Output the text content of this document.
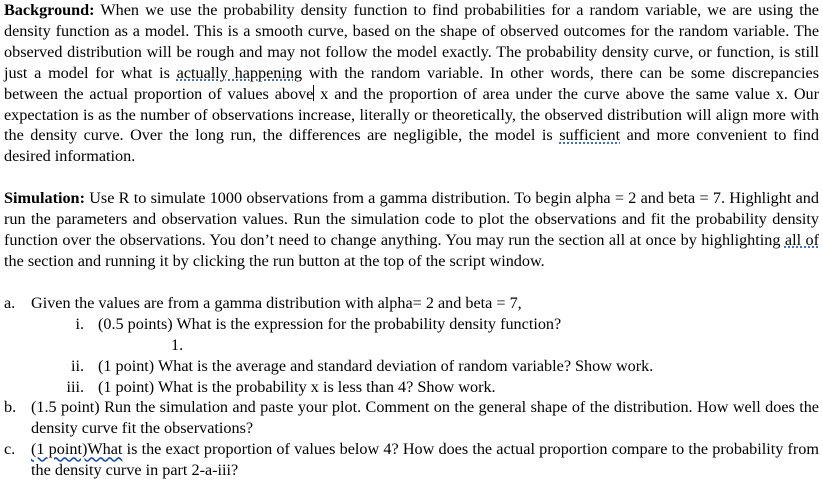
Background: When we use the probability density function to find probabilities for a random variable, we are using the density function as a model. This is a smooth curve, based on the shape of observed outcomes for the random variable. The observed distribution will be rough and may not follow the model exactly. The probability density curve, or function, is still just a model for what is actually happening with the random variable. In other words, there can be some discrepancies between the actual proportion of values above x and the proportion of area under the curve above the same value x. Our expectation is as the number of observations increase, literally or theoretically, the observed distribution will align more with the density curve. Over the long run, the differences are negligible, the model is sufficient and more convenient to find desired information.

Simulation: Use R to simulate 1000 observations from a gamma distribution. To begin alpha = 2 and beta = 7. Highlight and run the parameters and observation values. Run the simulation code to plot the observations and fit the probability density function over the observations. You don’t need to change anything. You may run the section all at once by highlighting all of the section and running it by clicking the run button at the top of the script window.

a. Given the values are from a gamma distribution with alpha= 2 and beta = 7,
i. (0.5 points) What is the expression for the probability density function?
1.
ii. (1 point) What is the average and standard deviation of random variable? Show work.
iii. (1 point) What is the probability x is less than 4? Show work.
b. (1.5 point) Run the simulation and paste your plot. Comment on the general shape of the distribution. How well does the density curve fit the observations?
c. (1 point)What is the exact proportion of values below 4? How does the actual proportion compare to the probability from the density curve in part 2-a-iii?
